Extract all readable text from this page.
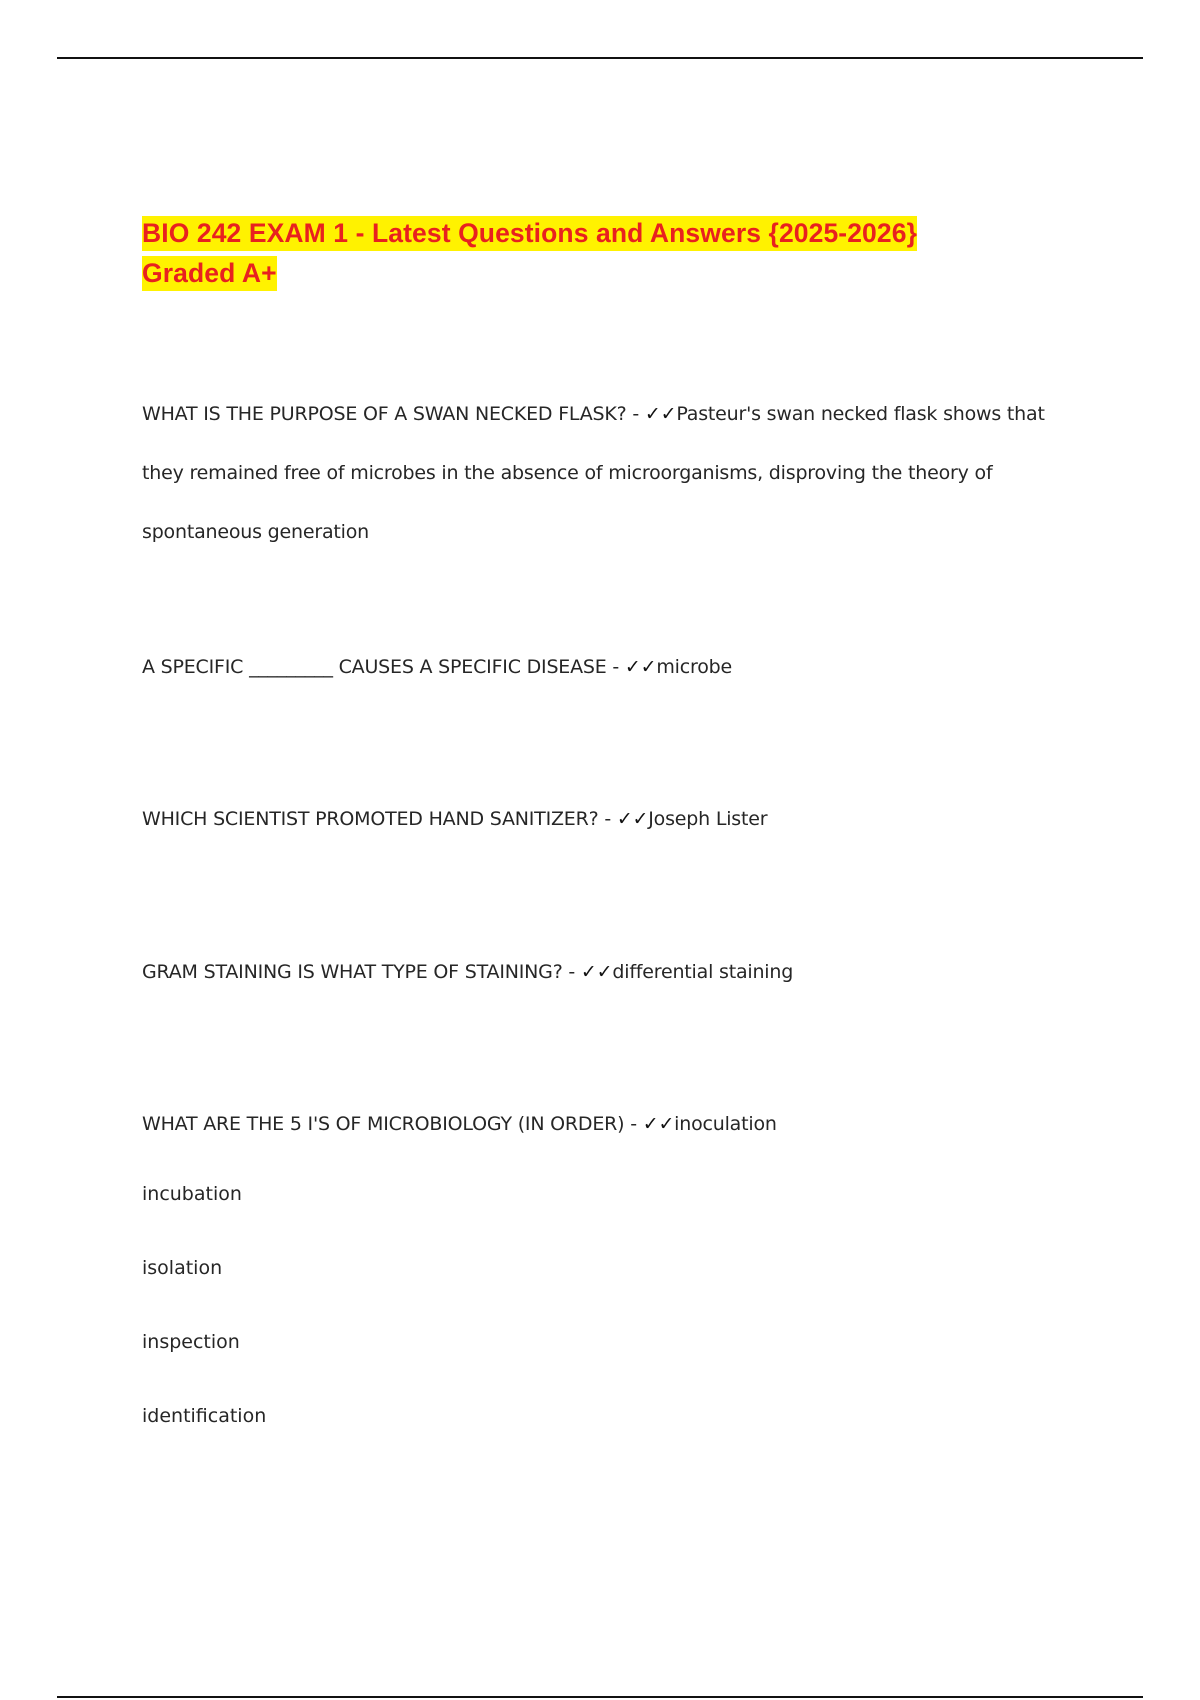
BIO 242 EXAM 1 - Latest Questions and Answers {2025-2026} Graded A+
WHAT IS THE PURPOSE OF A SWAN NECKED FLASK? - ✓✓Pasteur's swan necked flask shows that they remained free of microbes in the absence of microorganisms, disproving the theory of spontaneous generation
A SPECIFIC _________ CAUSES A SPECIFIC DISEASE - ✓✓microbe
WHICH SCIENTIST PROMOTED HAND SANITIZER? - ✓✓Joseph Lister
GRAM STAINING IS WHAT TYPE OF STAINING? - ✓✓differential staining
WHAT ARE THE 5 I'S OF MICROBIOLOGY (IN ORDER) - ✓✓inoculation
incubation
isolation
inspection
identification
